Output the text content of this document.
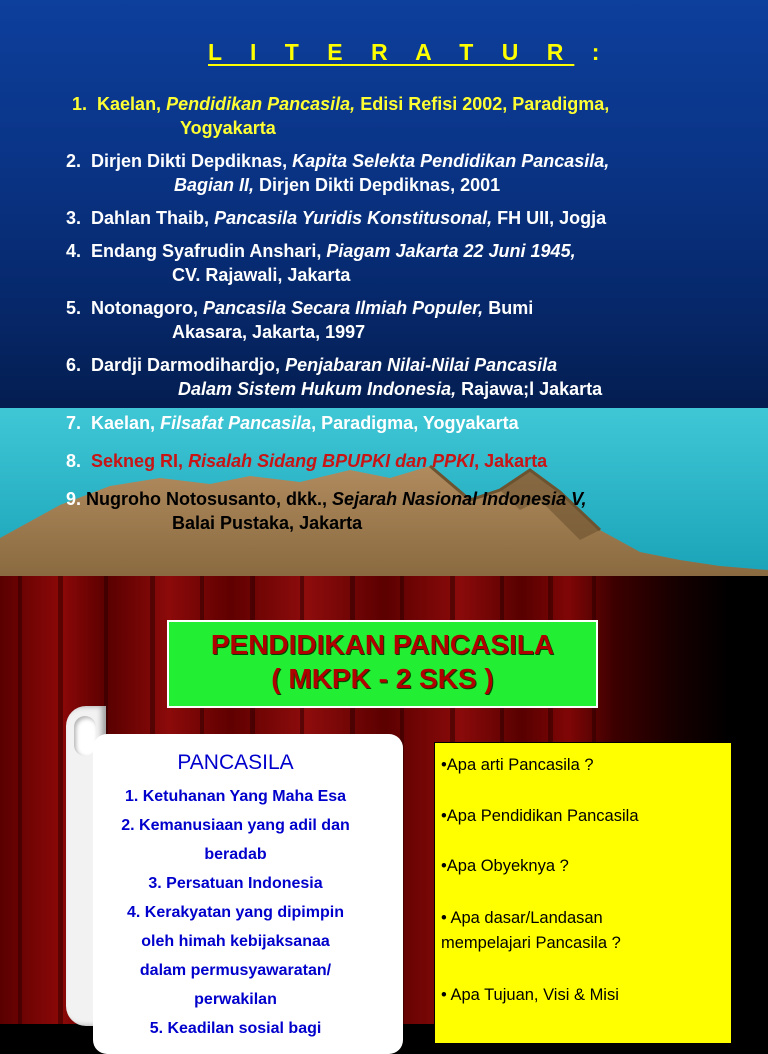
L I T E R A T U R :

1. Kaelan, Pendidikan Pancasila, Edisi Refisi 2002, Paradigma,
Yogyakarta

2. Dirjen Dikti Depdiknas, Kapita Selekta Pendidikan Pancasila,
Bagian II, Dirjen Dikti Depdiknas, 2001

3. Dahlan Thaib, Pancasila Yuridis Konstitusonal, FH UII, Jogja

4. Endang Syafrudin Anshari, Piagam Jakarta 22 Juni 1945,
CV. Rajawali, Jakarta

5. Notonagoro, Pancasila Secara Ilmiah Populer, Bumi
Akasara, Jakarta, 1997

6. Dardji Darmodihardjo, Penjabaran Nilai-Nilai Pancasila
Dalam Sistem Hukum Indonesia, Rajawa;l Jakarta

7. Kaelan, Filsafat Pancasila, Paradigma, Yogyakarta

8. Sekneg RI, Risalah Sidang BPUPKI dan PPKI, Jakarta

9. Nugroho Notosusanto, dkk., Sejarah Nasional Indonesia V,
Balai Pustaka, Jakarta

PENDIDIKAN PANCASILA

( MKPK - 2 SKS )

PANCASILA

1. Ketuhanan Yang Maha Esa

2. Kemanusiaan yang adil dan

beradab

3. Persatuan Indonesia

4. Kerakyatan yang dipimpin

oleh himah kebijaksanaa

dalam permusyawaratan/

perwakilan

5. Keadilan sosial bagi

•Apa arti Pancasila ?

•Apa Pendidikan Pancasila

•Apa Obyeknya ?

• Apa dasar/Landasan

mempelajari Pancasila ?

• Apa Tujuan, Visi & Misi
